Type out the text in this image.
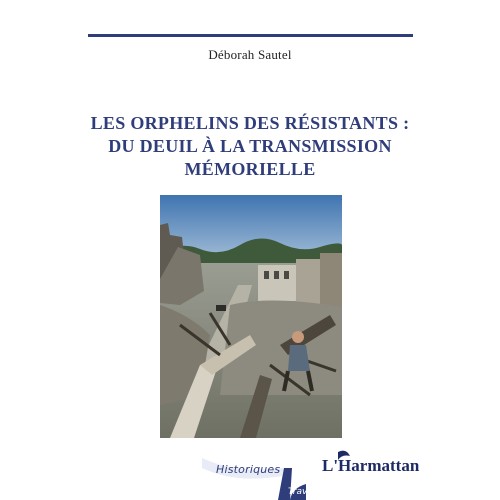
Déborah Sautel
LES ORPHELINS DES RÉSISTANTS :
DU DEUIL À LA TRANSMISSION
MÉMORIELLE
Historiques
Travaux
L'Harmattan
